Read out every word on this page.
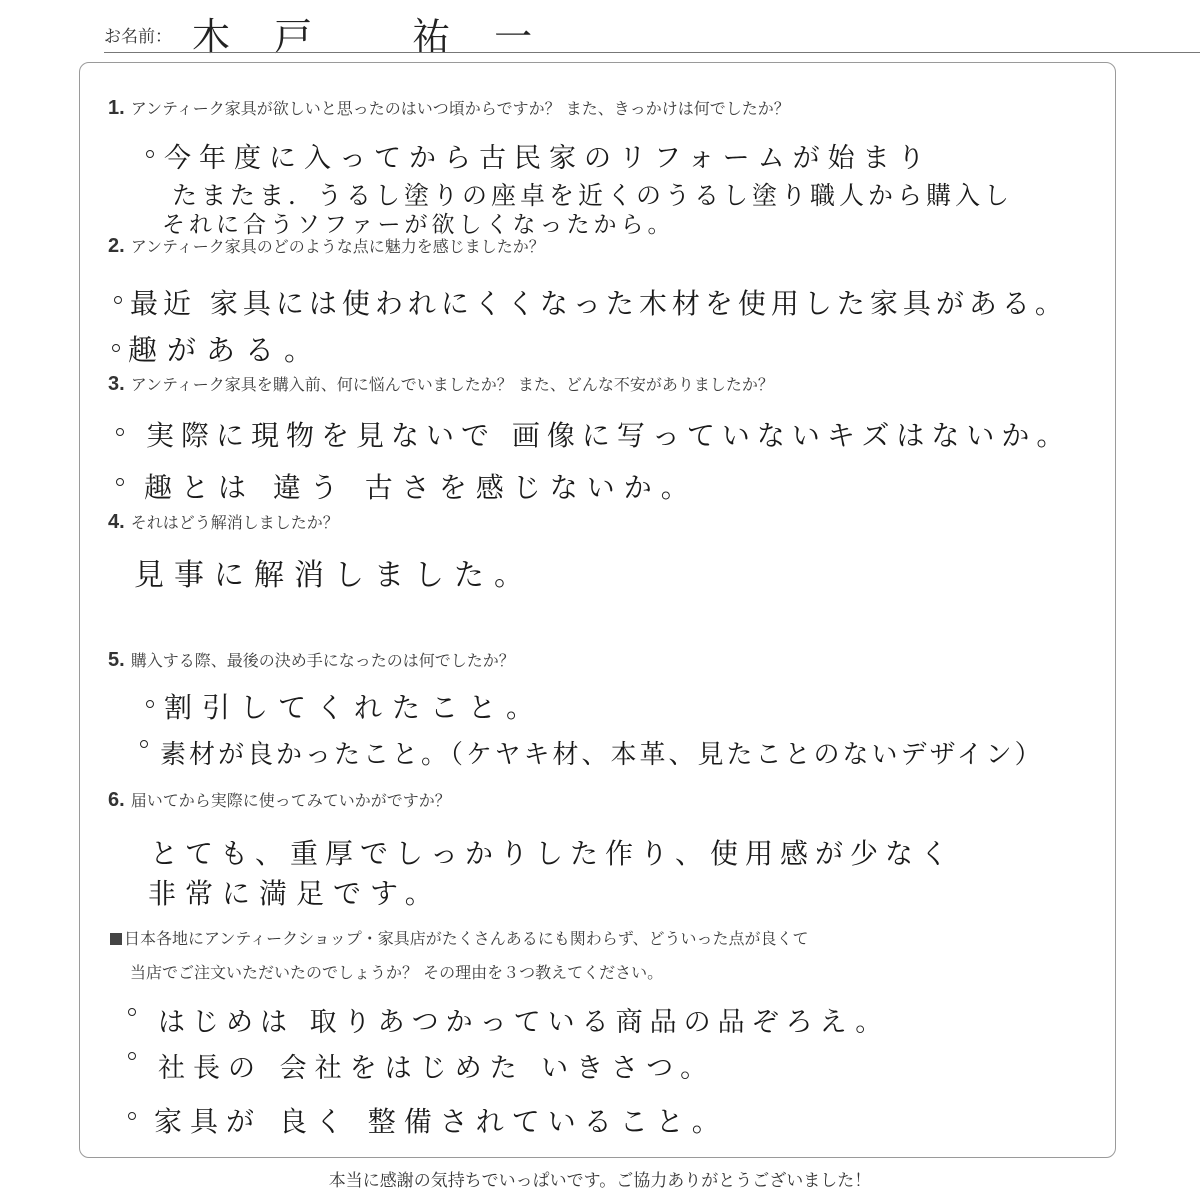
お名前： 木戸 祐一
1. アンティーク家具が欲しいと思ったのはいつ頃からですか？ また、きっかけは何でしたか？
今年度に入ってから古民家のリフォームが始まり
たまたま．うるし塗りの座卓を近くのうるし塗り職人から購入し
それに合うソファーが欲しくなったから。
2. アンティーク家具のどのような点に魅力を感じましたか？
最近 家具には使われにくくなった木材を使用した家具がある。
趣がある。
3. アンティーク家具を購入前、何に悩んでいましたか？ また、どんな不安がありましたか？
実際に現物を見ないで 画像に写っていないキズはないか。
趣とは 違う 古さを感じないか。
4. それはどう解消しましたか？
見事に解消しました。
5. 購入する際、最後の決め手になったのは何でしたか？
割引してくれたこと。
素材が良かったこと。（ケヤキ材、本革、見たことのないデザイン）
6. 届いてから実際に使ってみていかがですか？
とても、重厚でしっかりした作り、使用感が少なく
非常に満足です。
日本各地にアンティークショップ・家具店がたくさんあるにも関わらず、どういった点が良くて
当店でご注文いただいたのでしょうか？ その理由を３つ教えてください。
はじめは 取りあつかっている商品の品ぞろえ。
社長の 会社をはじめた いきさつ。
家具が 良く 整備されていること。
本当に感謝の気持ちでいっぱいです。ご協力ありがとうございました！
